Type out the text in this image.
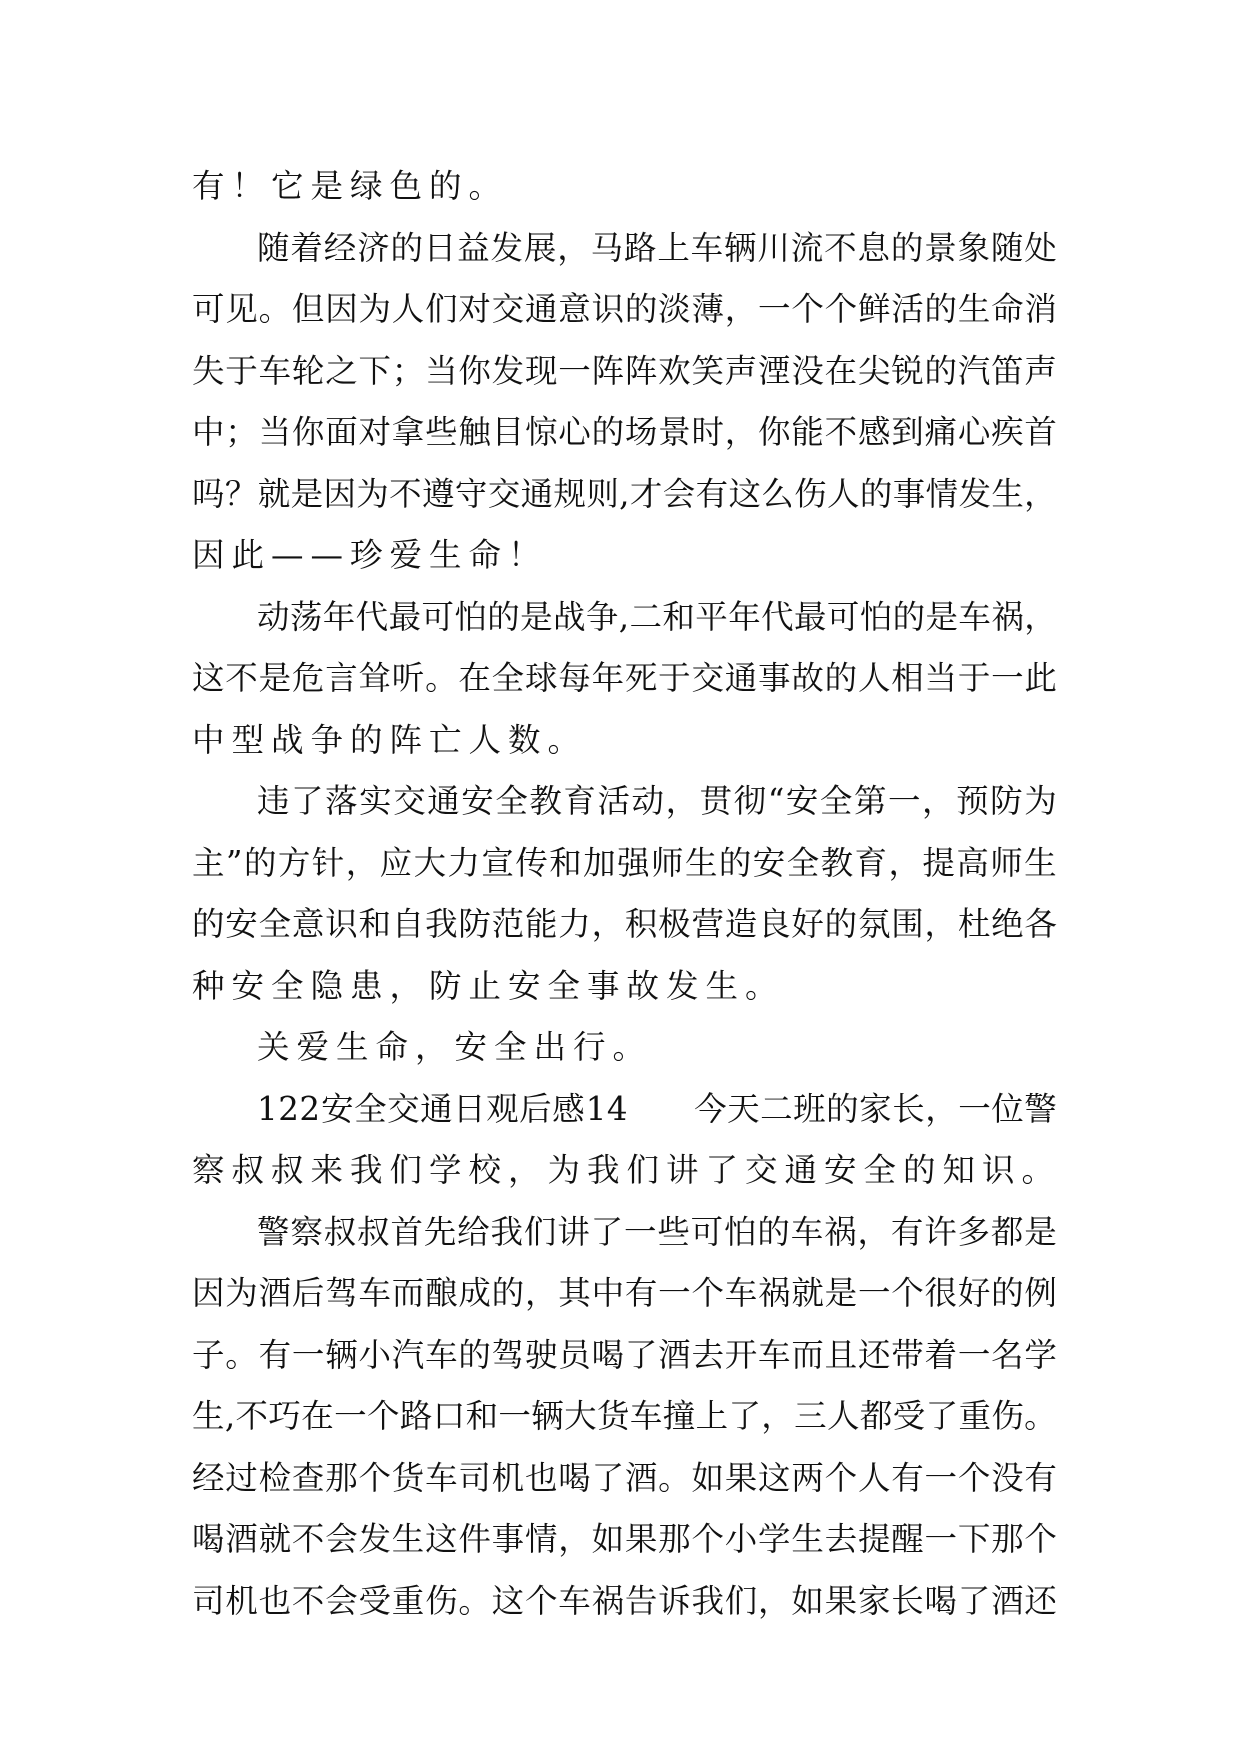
有！它是绿色的。
随 着 经 济 的 日 益 发 展 ， 马 路 上 车 辆 川 流 不 息 的 景 象 随 处
可 见 。 但 因 为 人 们 对 交 通 意 识 的 淡 薄 ， 一 个 个 鲜 活 的 生 命 消
失 于 车 轮 之 下 ； 当 你 发 现 一 阵 阵 欢 笑 声 湮 没 在 尖 锐 的 汽 笛 声
中 ； 当 你 面 对 拿 些 触 目 惊 心 的 场 景 时 ， 你 能 不 感 到 痛 心 疾 首
吗 ？ 就 是 因 为 不 遵 守 交 通 规 则 , 才 会 有 这 么 伤 人 的 事 情 发 生 ，
因此——珍爱生命！
动 荡 年 代 最 可 怕 的 是 战 争 , 二 和 平 年 代 最 可 怕 的 是 车 祸 ，
这 不 是 危 言 耸 听 。 在 全 球 每 年 死 于 交 通 事 故 的 人 相 当 于 一 此
中型战争的阵亡人数。
违 了 落 实 交 通 安 全 教 育 活 动 ， 贯 彻 “ 安 全 第 一 ， 预 防 为
主 ” 的 方 针 ， 应 大 力 宣 传 和 加 强 师 生 的 安 全 教 育 ， 提 高 师 生
的 安 全 意 识 和 自 我 防 范 能 力 ， 积 极 营 造 良 好 的 氛 围 ， 杜 绝 各
种安全隐患，防止安全事故发生。
关爱生命，安全出行。
1 2 2 安 全 交 通 日 观 后 感 1 4

　 今 天 二 班 的 家 长 ， 一 位 警
察叔叔来我们学校，为我们讲了交通安全的知识。
警 察 叔 叔 首 先 给 我 们 讲 了 一 些 可 怕 的 车 祸 ， 有 许 多 都 是
因 为 酒 后 驾 车 而 酿 成 的 ， 其 中 有 一 个 车 祸 就 是 一 个 很 好 的 例
子 。 有 一 辆 小 汽 车 的 驾 驶 员 喝 了 酒 去 开 车 而 且 还 带 着 一 名 学
生 , 不 巧 在 一 个 路 口 和 一 辆 大 货 车 撞 上 了 ， 三 人 都 受 了 重 伤 。
经 过 检 查 那 个 货 车 司 机 也 喝 了 酒 。 如 果 这 两 个 人 有 一 个 没 有
喝 酒 就 不 会 发 生 这 件 事 情 ， 如 果 那 个 小 学 生 去 提 醒 一 下 那 个
司 机 也 不 会 受 重 伤 。 这 个 车 祸 告 诉 我 们 ， 如 果 家 长 喝 了 酒 还
